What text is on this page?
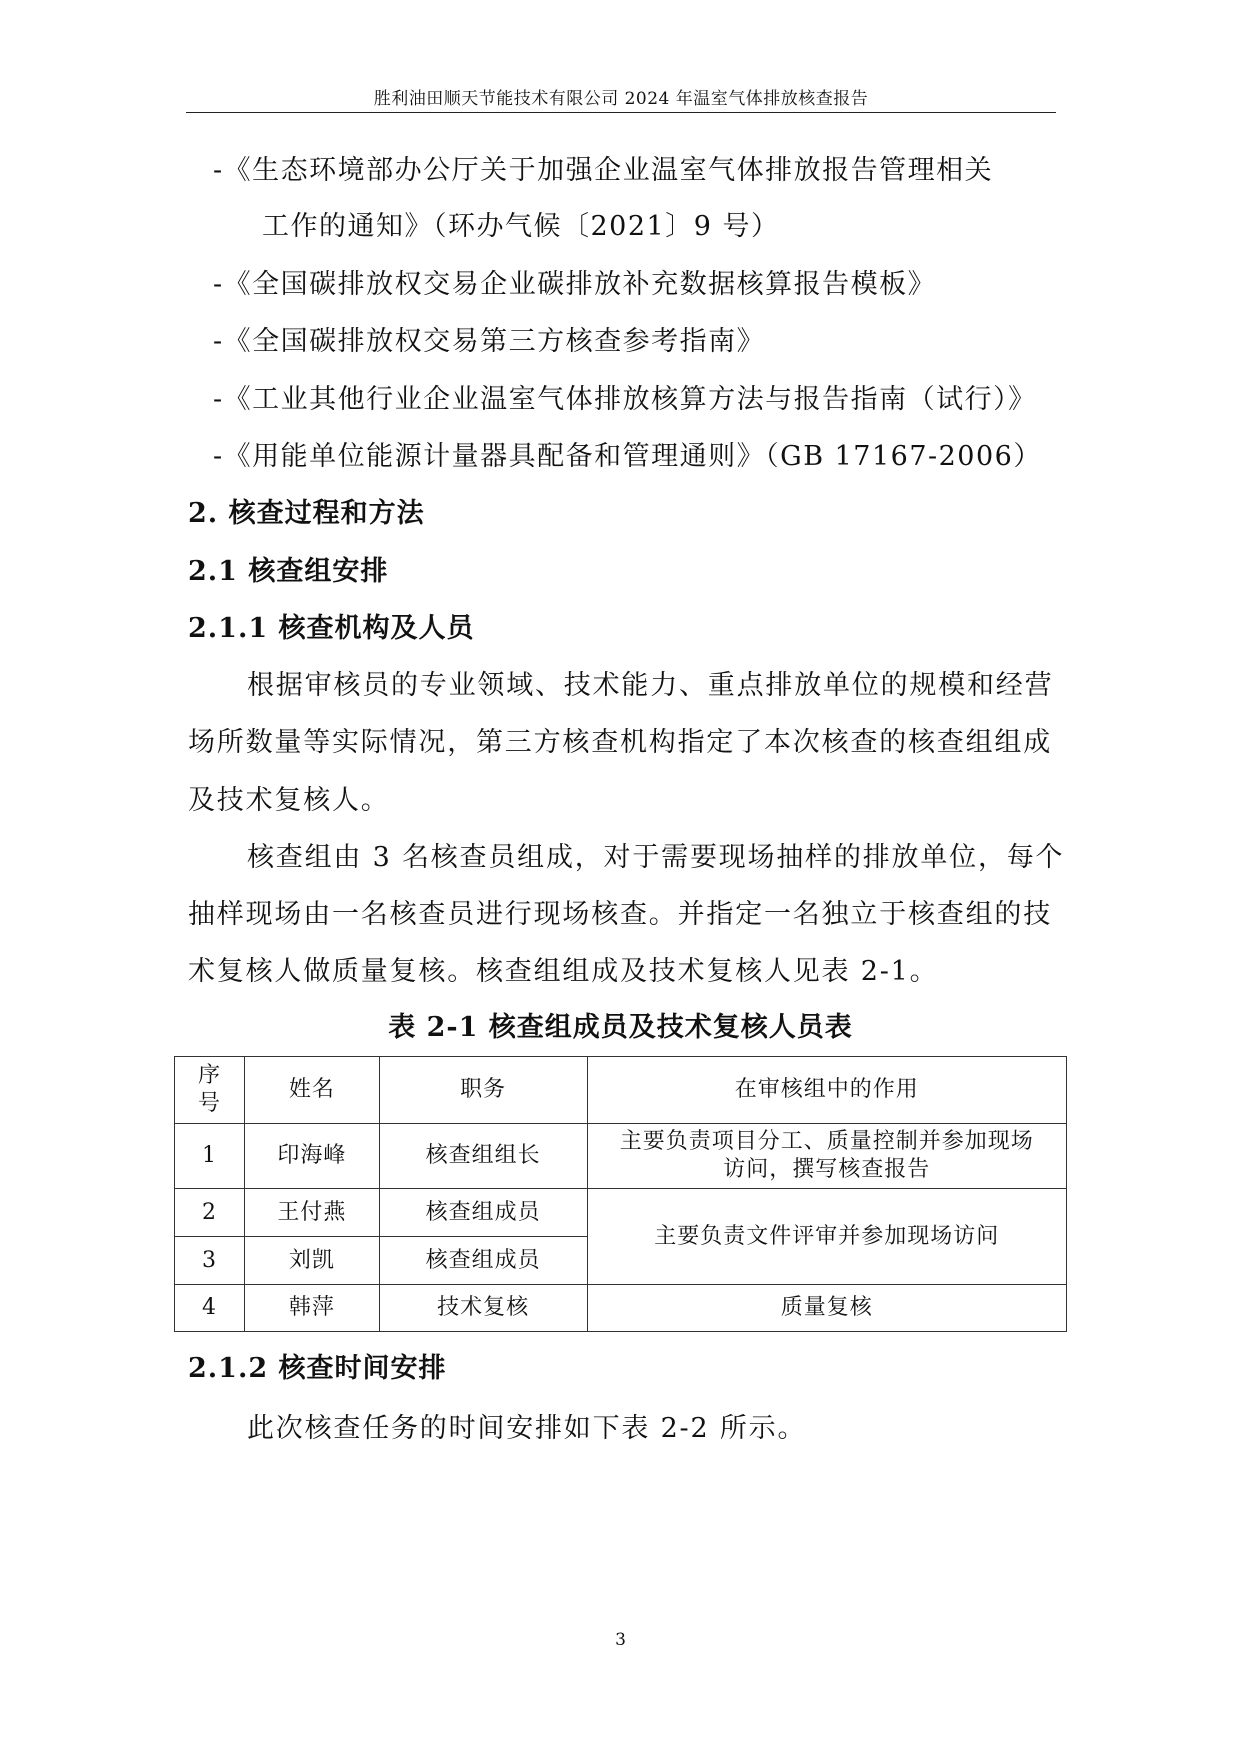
胜利油田顺天节能技术有限公司 2024 年温室气体排放核查报告
-《生态环境部办公厅关于加强企业温室气体排放报告管理相关
工作的通知》（环办气候〔2021〕9 号）
-《全国碳排放权交易企业碳排放补充数据核算报告模板》
-《全国碳排放权交易第三方核查参考指南》
-《工业其他行业企业温室气体排放核算方法与报告指南（试行）》
-《用能单位能源计量器具配备和管理通则》（GB 17167-2006）
2. 核查过程和方法
2.1 核查组安排
2.1.1 核查机构及人员
根据审核员的专业领域、技术能力、重点排放单位的规模和经营
场所数量等实际情况，第三方核查机构指定了本次核查的核查组组成
及技术复核人。
核查组由 3 名核查员组成，对于需要现场抽样的排放单位，每个
抽样现场由一名核查员进行现场核查。并指定一名独立于核查组的技
术复核人做质量复核。核查组组成及技术复核人见表 2-1。
表 2-1 核查组成员及技术复核人员表
序
号	姓名	职务	在审核组中的作用
1	印海峰	核查组组长	主要负责项目分工、质量控制并参加现场
访问，撰写核查报告

2	王付燕	核查组成员	主要负责文件评审并参加现场访问
3	刘凯	核查组成员	
4	韩萍	技术复核	质量复核
2.1.2 核查时间安排
此次核查任务的时间安排如下表 2-2 所示。
3
